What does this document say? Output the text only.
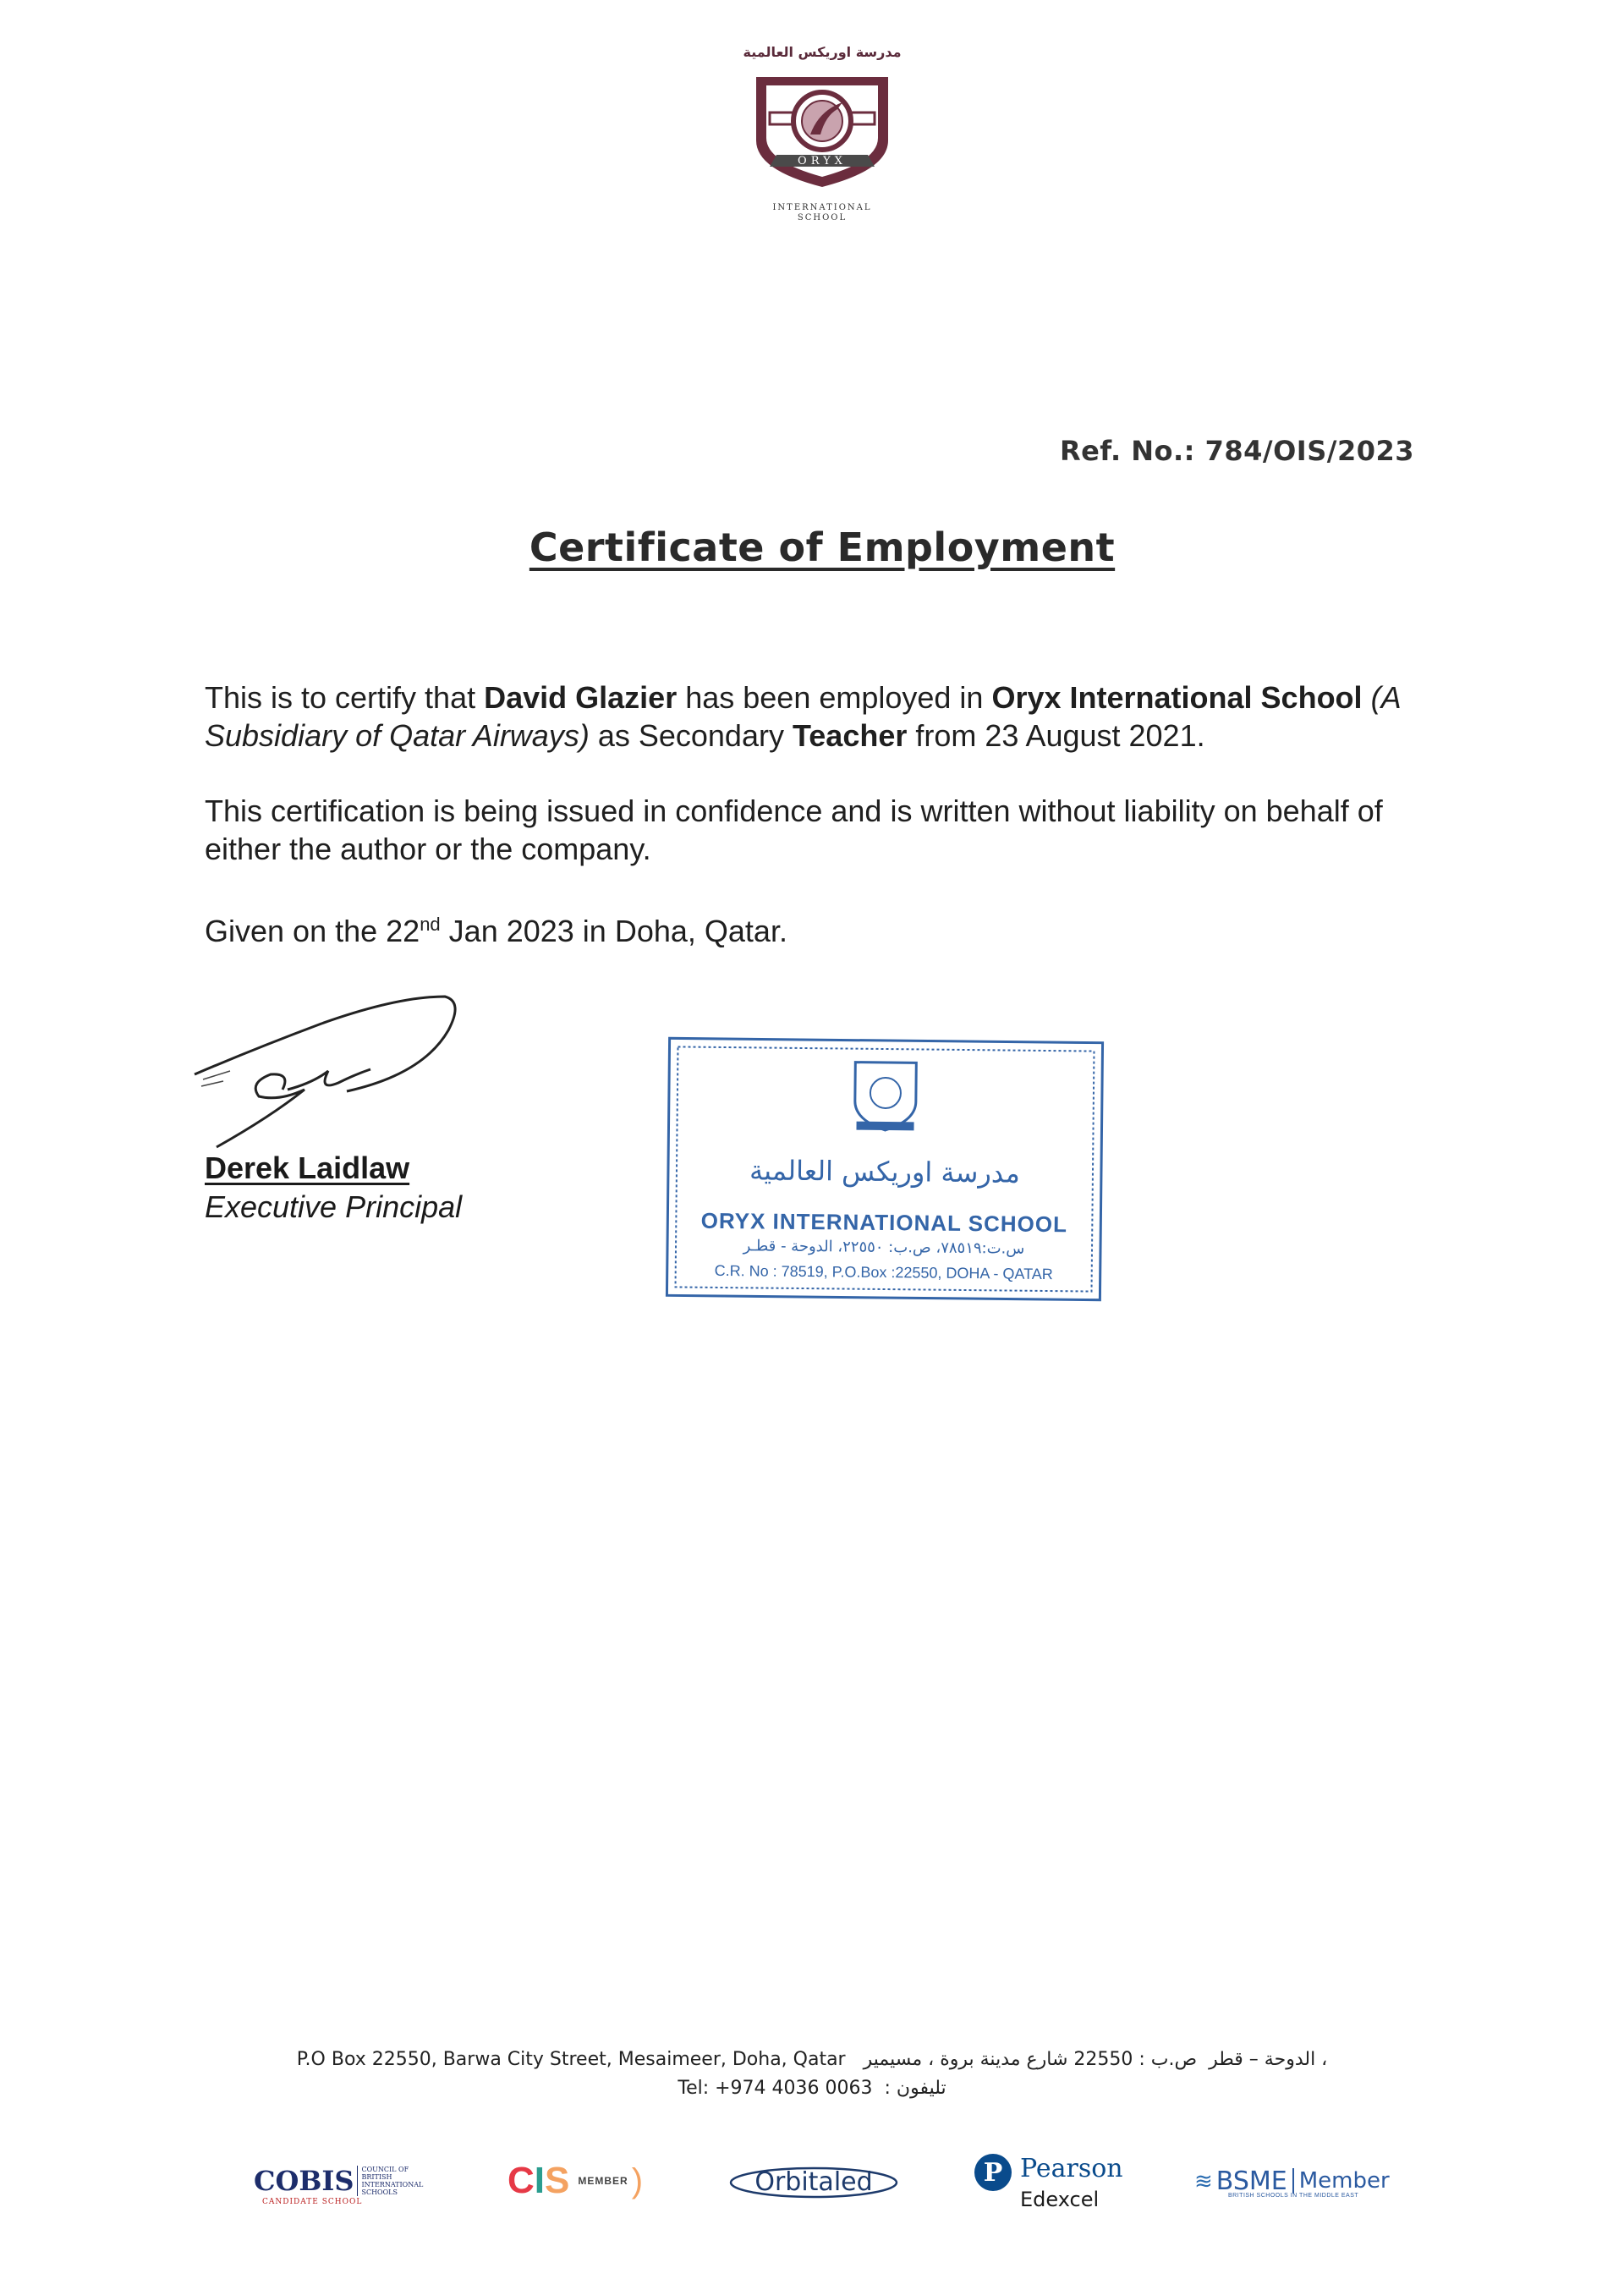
مدرسة اوريكس العالمية
ORYX
INTERNATIONAL
SCHOOL
Ref. No.: 784/OIS/2023
Certificate of Employment
This is to certify that David Glazier has been employed in Oryx International School (A Subsidiary of Qatar Airways) as Secondary Teacher from 23 August 2021.
This certification is being issued in confidence and is written without liability on behalf of either the author or the company.
Given on the 22nd Jan 2023 in Doha, Qatar.
Derek Laidlaw
Executive Principal
مدرسة اوريكس العالمية
ORYX INTERNATIONAL SCHOOL
س.ت:٧٨٥١٩، ص.ب: ٢٢٥٥٠، الدوحة - قطـر
C.R. No : 78519, P.O.Box :22550, DOHA - QATAR
P.O Box 22550, Barwa City Street, Mesaimeer, Doha, Qatar	الدوحة – قطر  ص.ب : 22550 شارع مدينة بروة ، مسيمير ،
Tel: +974 4036 0063 : تليفون
COBIS	COUNCIL OF BRITISH INTERNATIONAL SCHOOLS
CANDIDATE SCHOOL
C I S MEMBER )	Orbitaled	P Pearson
Edexcel
≋ BSME Member
BRITISH SCHOOLS IN THE MIDDLE EAST
